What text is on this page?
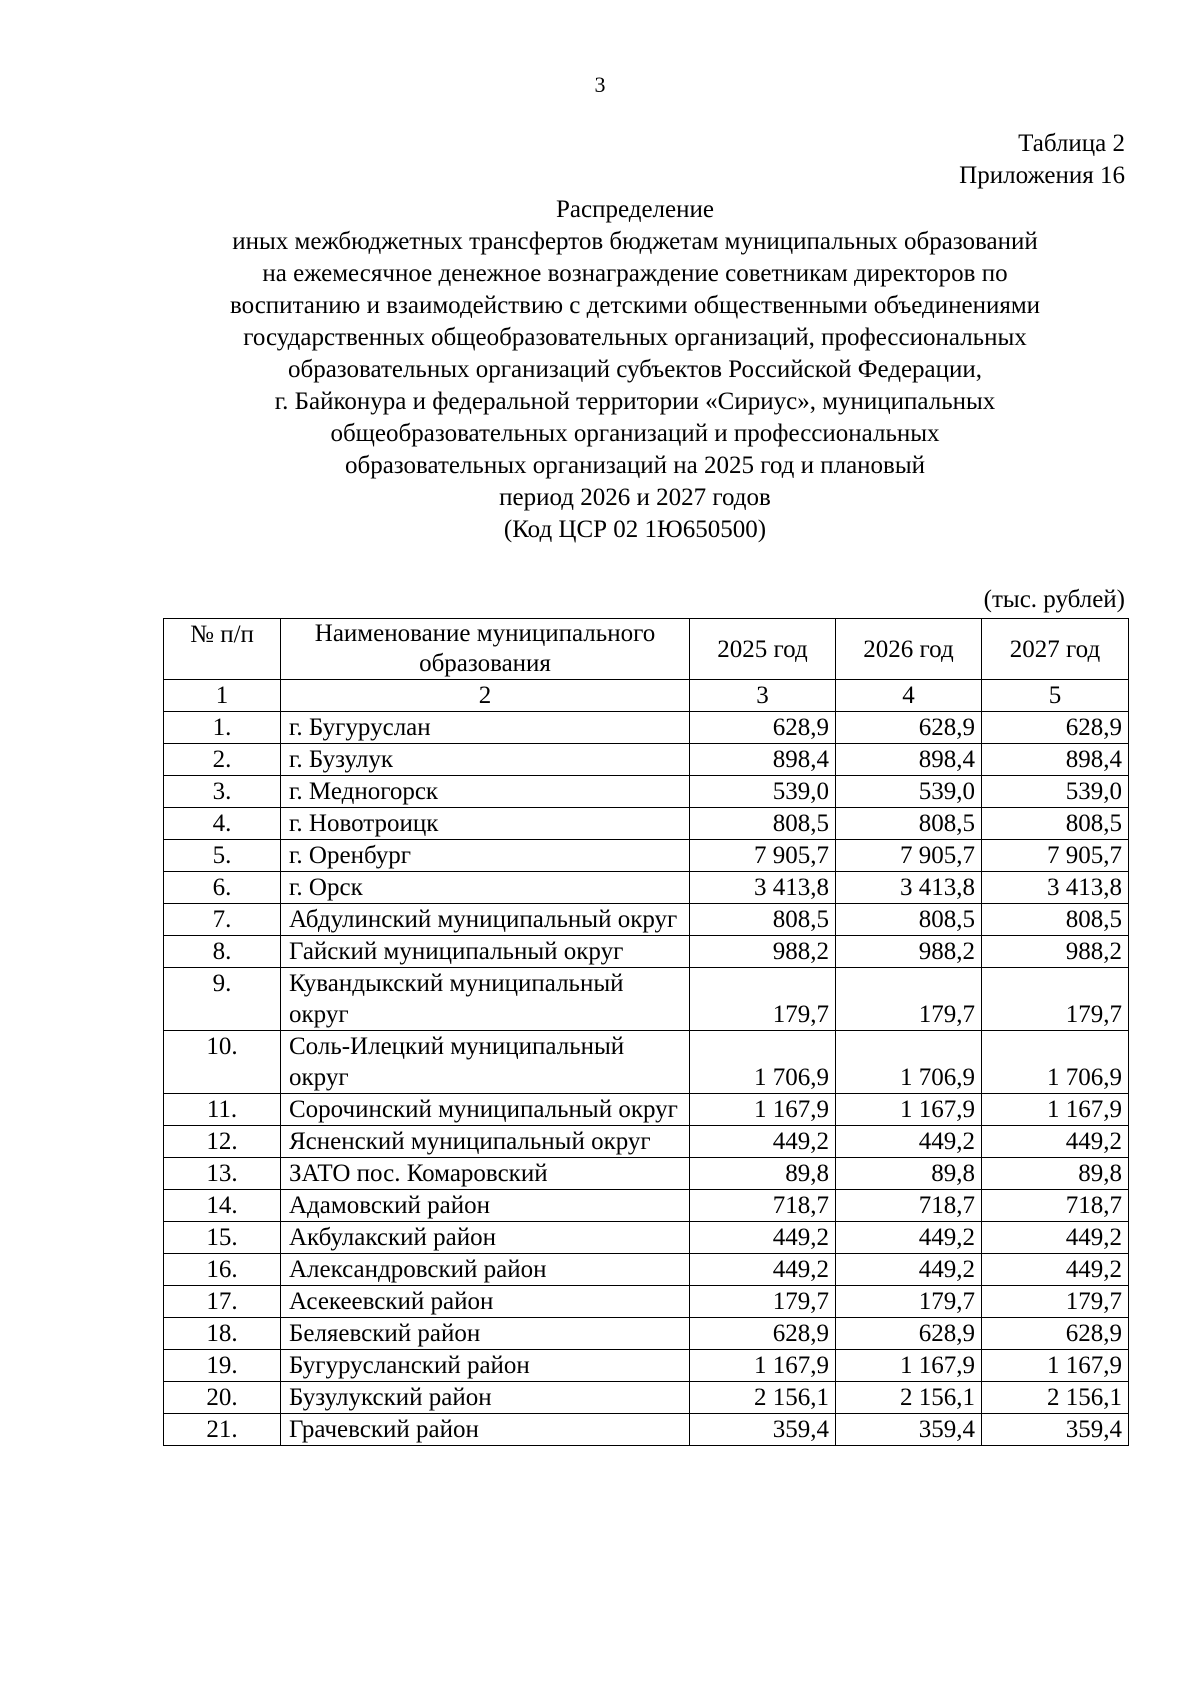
3
Таблица 2
Приложения 16
Распределение
иных межбюджетных трансфертов бюджетам муниципальных образований
на ежемесячное денежное вознаграждение советникам директоров по
воспитанию и взаимодействию с детскими общественными объединениями
государственных общеобразовательных организаций, профессиональных
образовательных организаций субъектов Российской Федерации,
г. Байконура и федеральной территории «Сириус», муниципальных
общеобразовательных организаций и профессиональных
образовательных организаций на 2025 год и плановый
период 2026 и 2027 годов
(Код ЦСР 02 1Ю650500)
(тыс. рублей)
№ п/п	Наименование муниципального образования	2025 год	2026 год	2027 год
1	2	3	4	5
1.	г. Бугуруслан	628,9	628,9	628,9
2.	г. Бузулук	898,4	898,4	898,4
3.	г. Медногорск	539,0	539,0	539,0
4.	г. Новотроицк	808,5	808,5	808,5
5.	г. Оренбург	7 905,7	7 905,7	7 905,7
6.	г. Орск	3 413,8	3 413,8	3 413,8
7.	Абдулинский муниципальный округ	808,5	808,5	808,5
8.	Гайский муниципальный округ	988,2	988,2	988,2
9.	Кувандыкский муниципальный округ	179,7	179,7	179,7
10.	Соль-Илецкий муниципальный округ	1 706,9	1 706,9	1 706,9
11.	Сорочинский муниципальный округ	1 167,9	1 167,9	1 167,9
12.	Ясненский муниципальный округ	449,2	449,2	449,2
13.	ЗАТО пос. Комаровский	89,8	89,8	89,8
14.	Адамовский район	718,7	718,7	718,7
15.	Акбулакский район	449,2	449,2	449,2
16.	Александровский район	449,2	449,2	449,2
17.	Асекеевский район	179,7	179,7	179,7
18.	Беляевский район	628,9	628,9	628,9
19.	Бугурусланский район	1 167,9	1 167,9	1 167,9
20.	Бузулукский район	2 156,1	2 156,1	2 156,1
21.	Грачевский район	359,4	359,4	359,4
